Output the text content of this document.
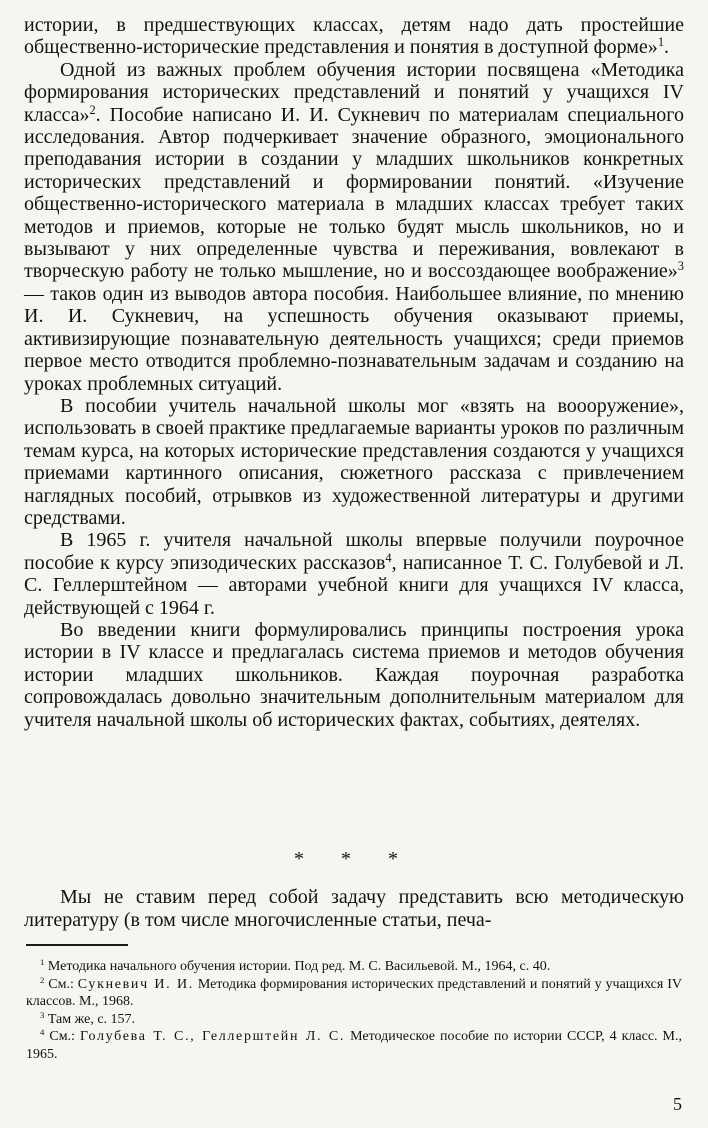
истории, в предшествующих классах, детям надо дать простейшие общественно-исторические представления и понятия в доступной форме»$^1$.

Одной из важных проблем обучения истории посвящена «Методика формирования исторических представлений и понятий у учащихся IV класса»$^2$. Пособие написано И. И. Сукневич по материалам специального исследования. Автор подчеркивает значение образного, эмоционального преподавания истории в создании у младших школьников конкретных исторических представлений и формировании понятий. «Изучение общественно-исторического материала в младших классах требует таких методов и приемов, которые не только будят мысль школьников, но и вызывают у них определенные чувства и переживания, вовлекают в творческую работу не только мышление, но и воссоздающее воображение»$^3$ — таков один из выводов автора пособия. Наибольшее влияние, по мнению И. И. Сукневич, на успешность обучения оказывают приемы, активизирующие познавательную деятельность учащихся; среди приемов первое место отводится проблемно-познавательным задачам и созданию на уроках проблемных ситуаций.

В пособии учитель начальной школы мог «взять на воооружение», использовать в своей практике предлагаемые варианты уроков по различным темам курса, на которых исторические представления создаются у учащихся приемами картинного описания, сюжетного рассказа с привлечением наглядных пособий, отрывков из художественной литературы и другими средствами.

В 1965 г. учителя начальной школы впервые получили поурочное пособие к курсу эпизодических рассказов$^4$, написанное Т. С. Голубевой и Л. С. Геллерштейном — авторами учебной книги для учащихся IV класса, действующей с 1964 г.

Во введении книги формулировались принципы построения урока истории в IV классе и предлагалась система приемов и методов обучения истории младших школьников. Каждая поурочная разработка сопровождалась довольно значительным дополнительным материалом для учителя начальной школы об исторических фактах, событиях, деятелях.

* * *

Мы не ставим перед собой задачу представить всю методическую литературу (в том числе многочисленные статьи, печа-

$^1$ Методика начального обучения истории. Под ред. М. С. Васильевой. М., 1964, с. 40.

$^2$ См.: Сукневич И. И. Методика формирования исторических представлений и понятий у учащихся IV классов. М., 1968.

$^3$ Там же, с. 157.

$^4$ См.: Голубева Т. С., Геллерштейн Л. С. Методическое пособие по истории СССР, 4 класс. М., 1965.

5
